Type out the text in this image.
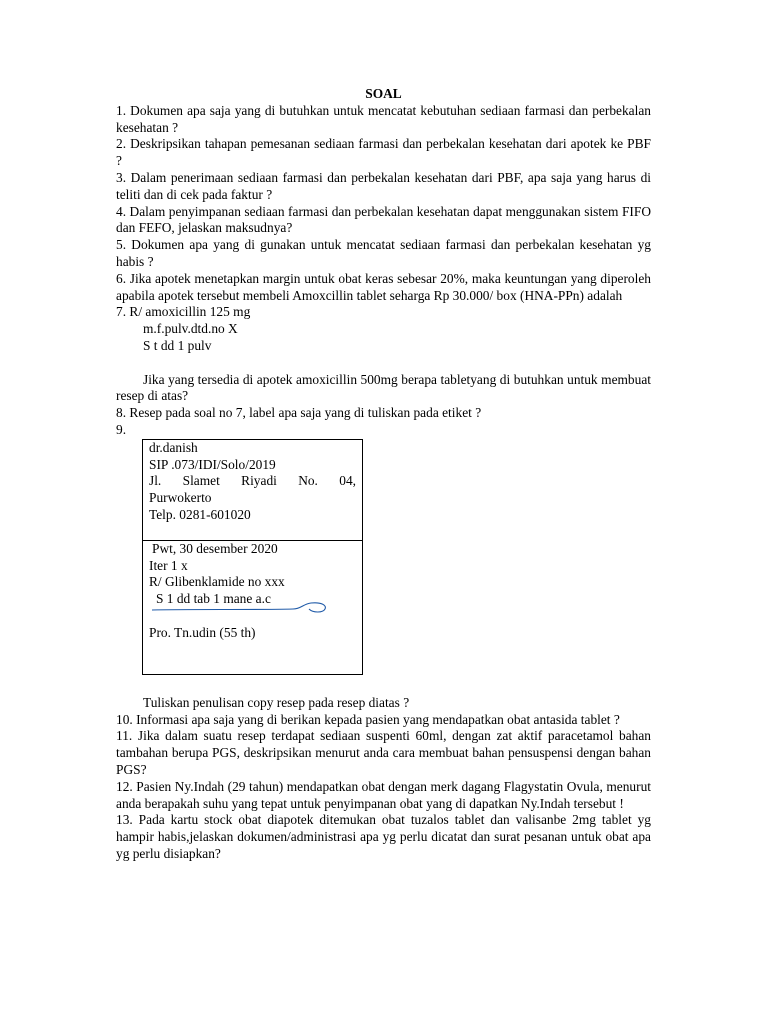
SOAL
1. Dokumen apa saja yang di butuhkan untuk mencatat kebutuhan sediaan farmasi dan perbekalan kesehatan ?
2. Deskripsikan tahapan pemesanan sediaan farmasi dan perbekalan kesehatan dari apotek ke PBF ?
3. Dalam penerimaan sediaan farmasi dan perbekalan kesehatan dari PBF, apa saja yang harus di teliti dan di cek pada faktur ?
4. Dalam penyimpanan sediaan farmasi dan perbekalan kesehatan dapat menggunakan sistem FIFO dan FEFO, jelaskan maksudnya?
5. Dokumen apa yang di gunakan untuk mencatat sediaan farmasi dan perbekalan kesehatan yg habis ?
6. Jika apotek menetapkan margin untuk obat keras sebesar 20%, maka keuntungan yang diperoleh apabila apotek tersebut membeli Amoxcillin tablet seharga Rp 30.000/ box (HNA-PPn) adalah
7. R/ amoxicillin 125 mg
m.f.pulv.dtd.no X
S t dd 1 pulv
Jika yang tersedia di apotek amoxicillin 500mg berapa tabletyang di butuhkan untuk membuat resep di atas?
8. Resep pada soal no 7, label apa saja yang di tuliskan pada etiket ?
9.
dr.danish
SIP .073/IDI/Solo/2019
Jl. Slamet Riyadi No. 04,
Purwokerto
Telp. 0281-601020
Pwt, 30 desember 2020
Iter 1 x
R/ Glibenklamide no xxx
S 1 dd tab 1 mane a.c
Pro. Tn.udin (55 th)
Tuliskan penulisan copy resep pada resep diatas ?
10. Informasi apa saja yang di berikan kepada pasien yang mendapatkan obat antasida tablet ?
11. Jika dalam suatu resep terdapat sediaan suspenti 60ml, dengan zat aktif paracetamol bahan tambahan berupa PGS, deskripsikan menurut anda cara membuat bahan pensuspensi dengan bahan PGS?
12. Pasien Ny.Indah (29 tahun) mendapatkan obat dengan merk dagang Flagystatin Ovula, menurut anda berapakah suhu yang tepat untuk penyimpanan obat yang di dapatkan Ny.Indah tersebut !
13. Pada kartu stock obat diapotek ditemukan obat tuzalos tablet dan valisanbe 2mg tablet yg hampir habis,jelaskan dokumen/administrasi apa yg perlu dicatat dan surat pesanan untuk obat apa yg perlu disiapkan?
